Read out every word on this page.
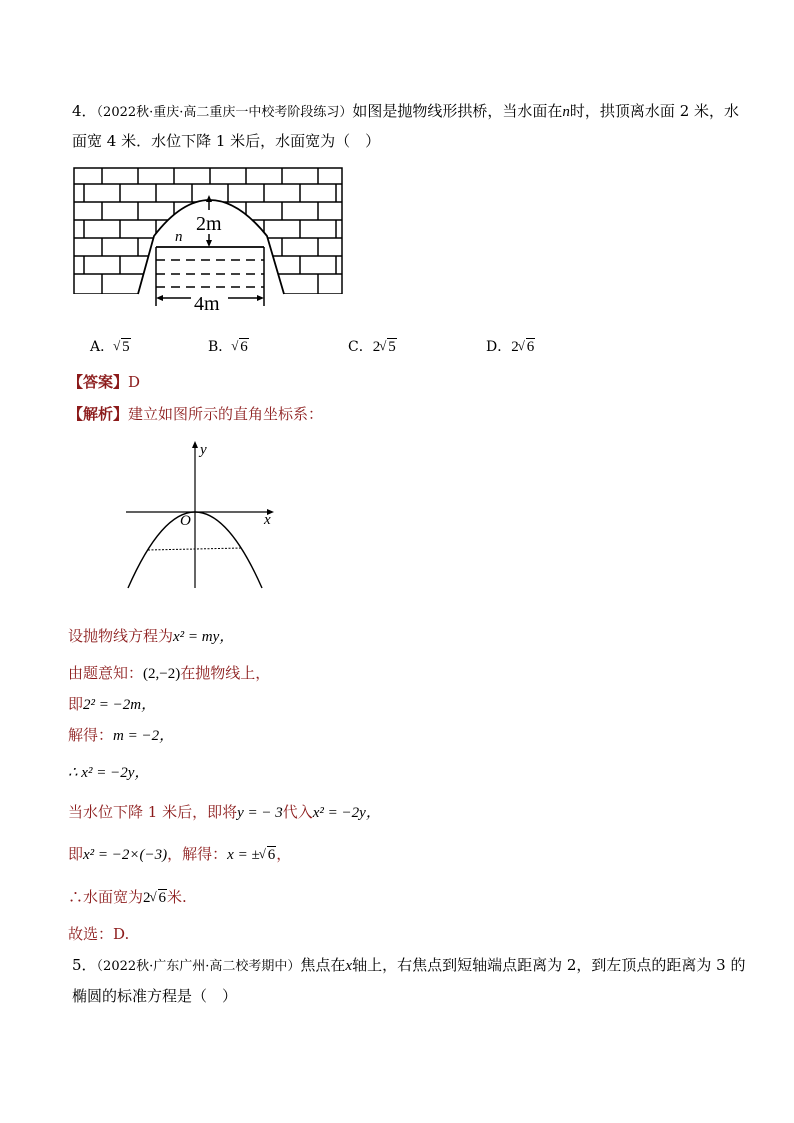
4．（2022秋·重庆·高二重庆一中校考阶段练习）如图是抛物线形拱桥，当水面在n时，拱顶离水面 2 米，水
面宽 4 米．水位下降 1 米后，水面宽为（　）
2m
4m
n
A． √ 5	B． √ 6	C．2 √ 5	D．2 √ 6
【答案】D
【解析】建立如图所示的直角坐标系：
y
x
O
设抛物线方程为x² = my，
由题意知：(2,−2)在抛物线上，
即2² = −2m，
解得：m = −2，
∴ x² = −2y，
当水位下降 1 米后，即将y = − 3代入x² = −2y，
即x² = −2×(−3)，解得：x = ± √ 6，
∴水面宽为2 √ 6米.
故选：D.
5．（2022秋·广东广州·高二校考期中）焦点在x轴上，右焦点到短轴端点距离为 2，到左顶点的距离为 3 的
椭圆的标准方程是（　）
